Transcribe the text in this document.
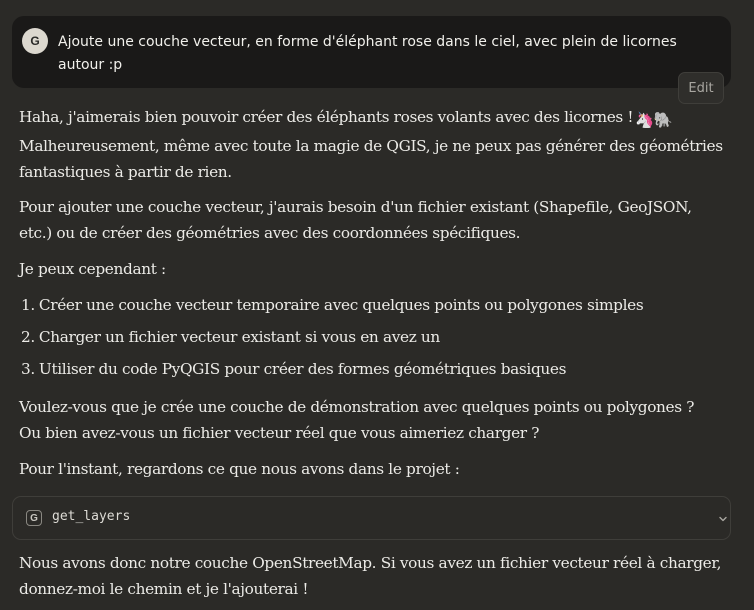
G	Ajoute une couche vecteur, en forme d'éléphant rose dans le ciel, avec plein de licornes
autour :p
Edit

Haha, j'aimerais bien pouvoir créer des éléphants roses volants avec des licornes ! 🦄🐘
Malheureusement, même avec toute la magie de QGIS, je ne peux pas générer des géométries
fantastiques à partir de rien.

Pour ajouter une couche vecteur, j'aurais besoin d'un fichier existant (Shapefile, GeoJSON,
etc.) ou de créer des géométries avec des coordonnées spécifiques.

Je peux cependant :

1. Créer une couche vecteur temporaire avec quelques points ou polygones simples

2. Charger un fichier vecteur existant si vous en avez un

3. Utiliser du code PyQGIS pour créer des formes géométriques basiques

Voulez-vous que je crée une couche de démonstration avec quelques points ou polygones ?
Ou bien avez-vous un fichier vecteur réel que vous aimeriez charger ?

Pour l'instant, regardons ce que nous avons dans le projet :

G	get_layers

Nous avons donc notre couche OpenStreetMap. Si vous avez un fichier vecteur réel à charger,
donnez-moi le chemin et je l'ajouterai !
